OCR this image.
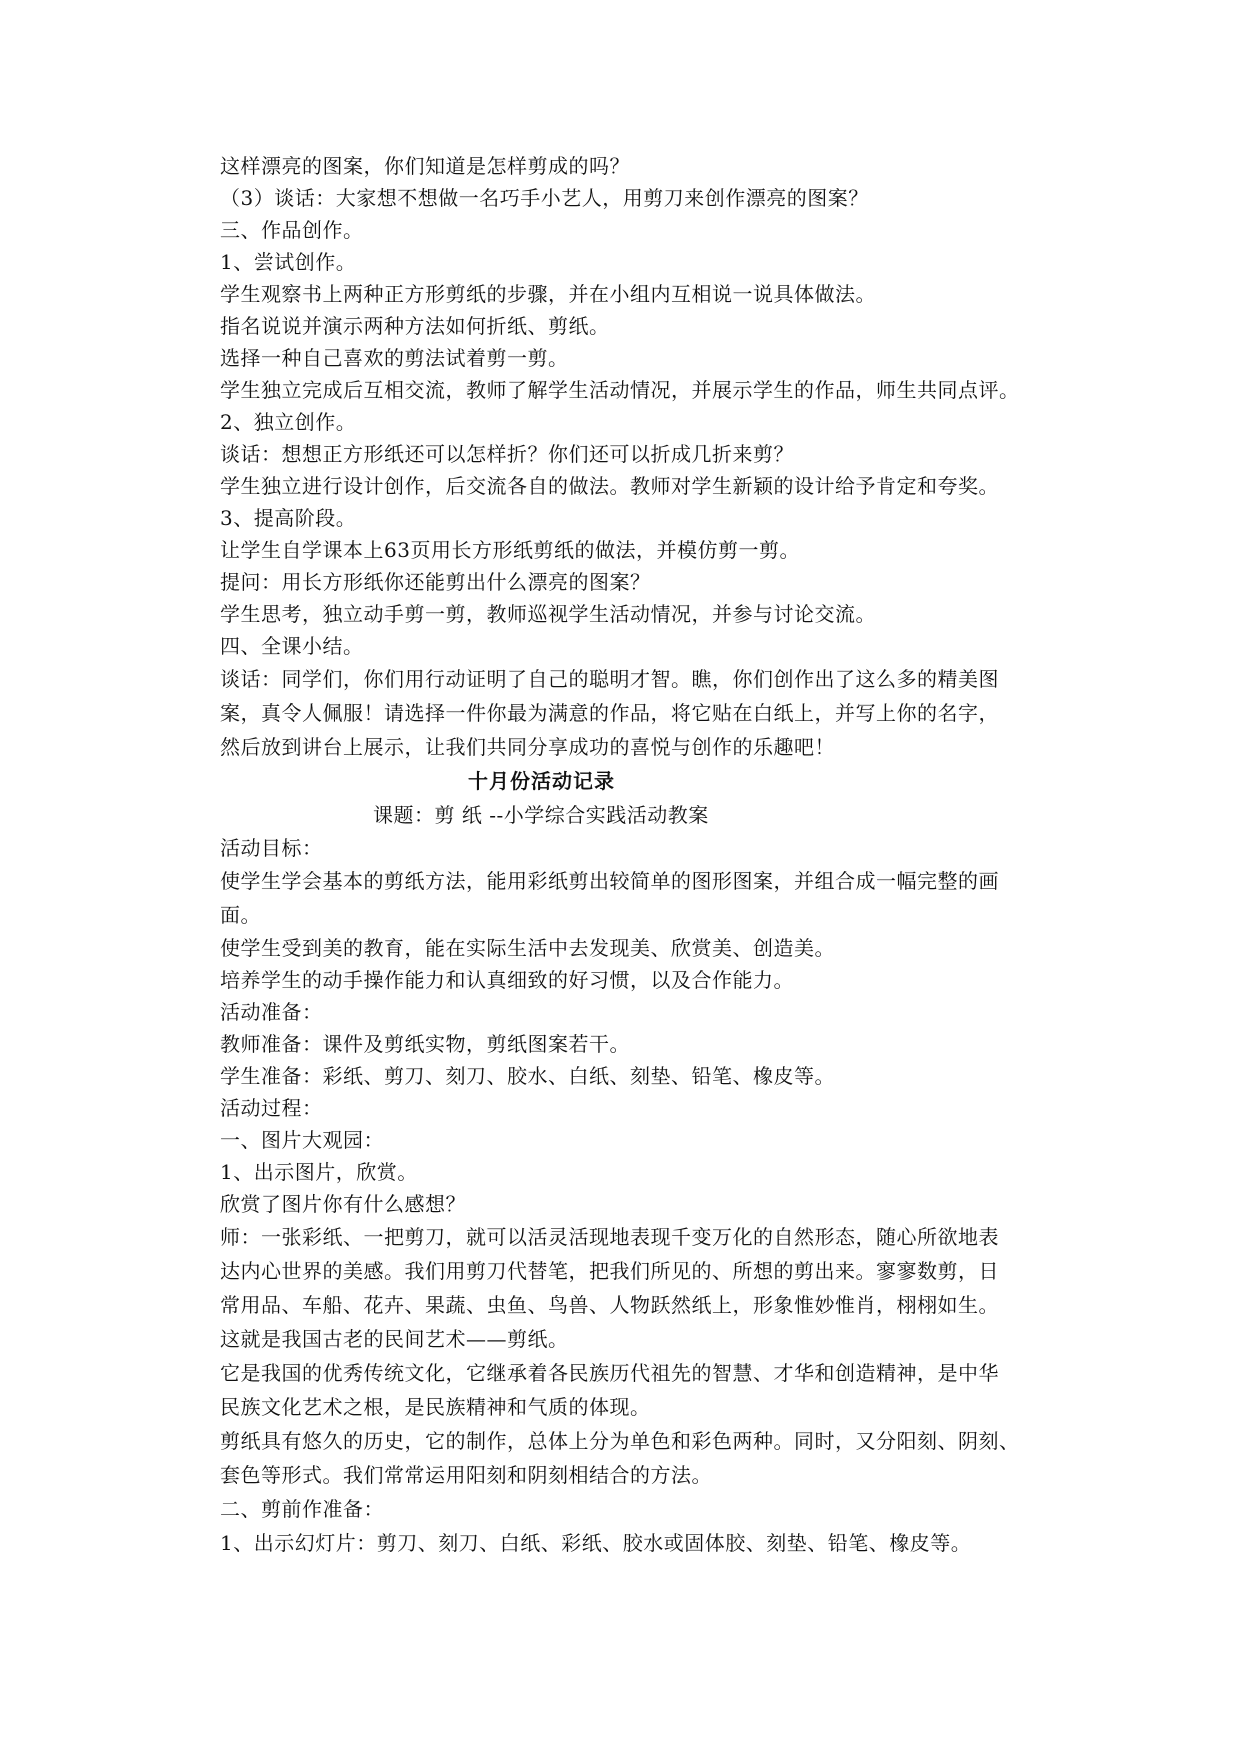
这样漂亮的图案，你们知道是怎样剪成的吗？
（3）谈话：大家想不想做一名巧手小艺人，用剪刀来创作漂亮的图案？
三、作品创作。
1、尝试创作。
学生观察书上两种正方形剪纸的步骤，并在小组内互相说一说具体做法。
指名说说并演示两种方法如何折纸、剪纸。
选择一种自己喜欢的剪法试着剪一剪。
学生独立完成后互相交流，教师了解学生活动情况，并展示学生的作品，师生共同点评。
2、独立创作。
谈话：想想正方形纸还可以怎样折？你们还可以折成几折来剪？
学生独立进行设计创作，后交流各自的做法。教师对学生新颖的设计给予肯定和夸奖。
3、提高阶段。
让学生自学课本上63页用长方形纸剪纸的做法，并模仿剪一剪。
提问：用长方形纸你还能剪出什么漂亮的图案？
学生思考，独立动手剪一剪，教师巡视学生活动情况，并参与讨论交流。
四、全课小结。
谈话：同学们，你们用行动证明了自己的聪明才智。瞧，你们创作出了这么多的精美图
案，真令人佩服！请选择一件你最为满意的作品，将它贴在白纸上，并写上你的名字，
然后放到讲台上展示，让我们共同分享成功的喜悦与创作的乐趣吧！
十月份活动记录
课题：剪 纸 --小学综合实践活动教案
活动目标：
使学生学会基本的剪纸方法，能用彩纸剪出较简单的图形图案，并组合成一幅完整的画
面。
使学生受到美的教育，能在实际生活中去发现美、欣赏美、创造美。
培养学生的动手操作能力和认真细致的好习惯，以及合作能力。
活动准备：
教师准备：课件及剪纸实物，剪纸图案若干。
学生准备：彩纸、剪刀、刻刀、胶水、白纸、刻垫、铅笔、橡皮等。
活动过程：
一、图片大观园：
1、出示图片，欣赏。
欣赏了图片你有什么感想？
师：一张彩纸、一把剪刀，就可以活灵活现地表现千变万化的自然形态，随心所欲地表
达内心世界的美感。我们用剪刀代替笔，把我们所见的、所想的剪出来。寥寥数剪，日
常用品、车船、花卉、果蔬、虫鱼、鸟兽、人物跃然纸上，形象惟妙惟肖，栩栩如生。
这就是我国古老的民间艺术——剪纸。
它是我国的优秀传统文化，它继承着各民族历代祖先的智慧、才华和创造精神，是中华
民族文化艺术之根，是民族精神和气质的体现。
剪纸具有悠久的历史，它的制作，总体上分为单色和彩色两种。同时，又分阳刻、阴刻、
套色等形式。我们常常运用阳刻和阴刻相结合的方法。
二、剪前作准备：
1、出示幻灯片：剪刀、刻刀、白纸、彩纸、胶水或固体胶、刻垫、铅笔、橡皮等。
